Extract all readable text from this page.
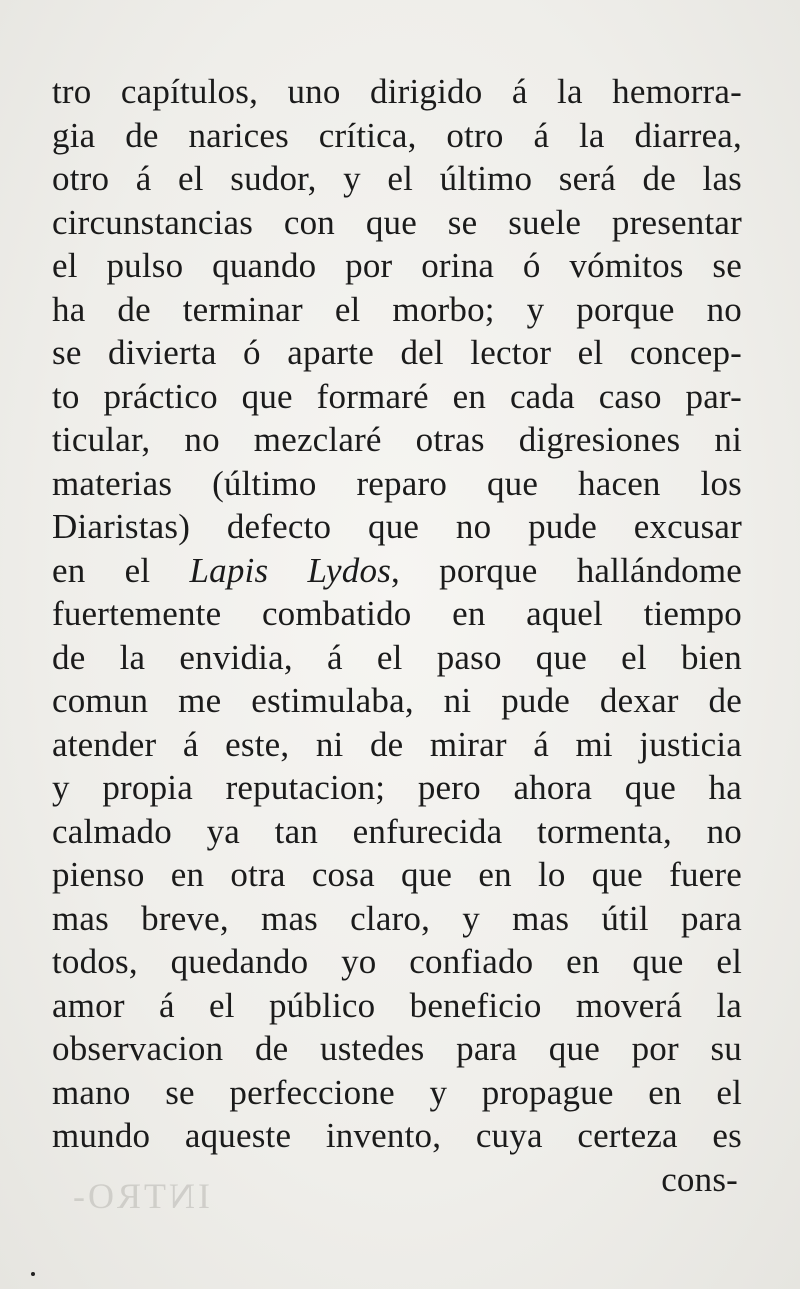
tro capítulos, uno dirigido á la hemorra-
gia de narices crítica, otro á la diarrea,
otro á el sudor, y el último será de las
circunstancias con que se suele presentar
el pulso quando por orina ó vómitos se
ha de terminar el morbo; y porque no
se divierta ó aparte del lector el concep-
to práctico que formaré en cada caso par-
ticular, no mezclaré otras digresiones ni
materias (último reparo que hacen los
Diaristas) defecto que no pude excusar
en el Lapis Lydos, porque hallándome
fuertemente combatido en aquel tiempo
de la envidia, á el paso que el bien
comun me estimulaba, ni pude dexar de
atender á este, ni de mirar á mi justicia
y propia reputacion; pero ahora que ha
calmado ya tan enfurecida tormenta, no
pienso en otra cosa que en lo que fuere
mas breve, mas claro, y mas útil para
todos, quedando yo confiado en que el
amor á el público beneficio moverá la
observacion de ustedes para que por su
mano se perfeccione y propague en el
mundo aqueste invento, cuya certeza es
cons-
INTRO-
